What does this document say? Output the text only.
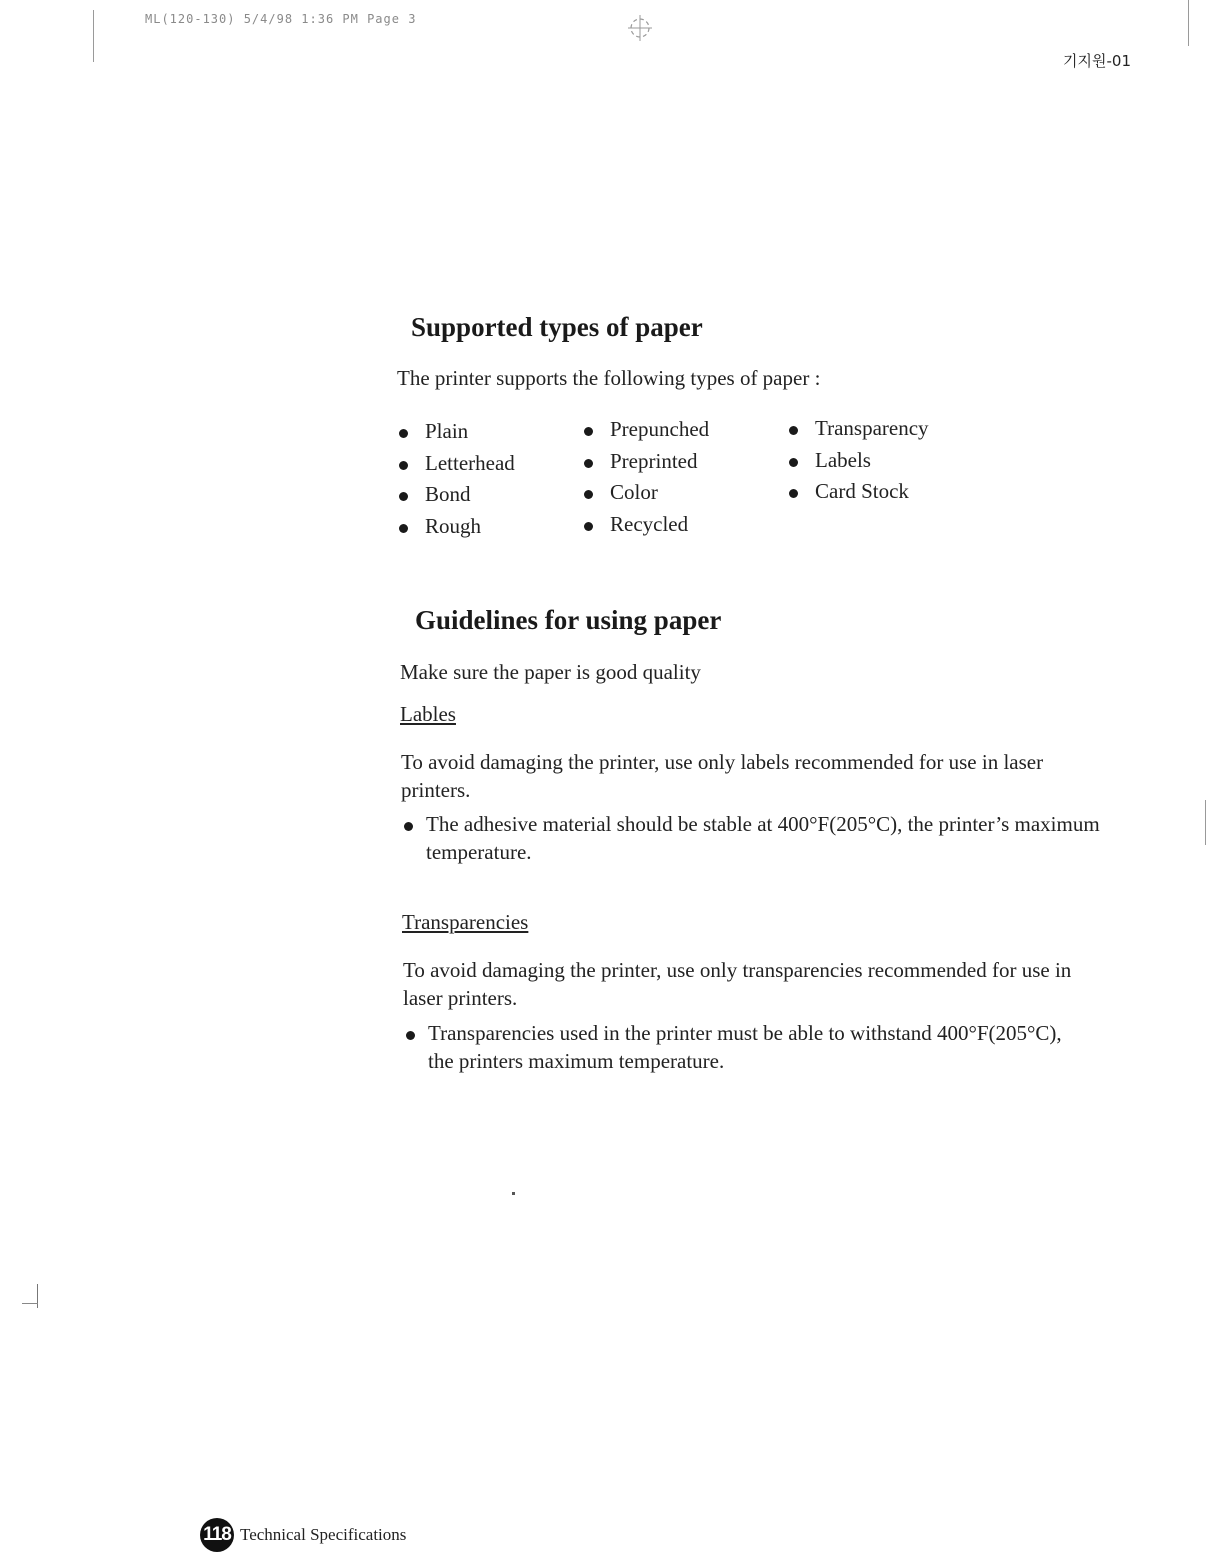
ML(120-130) 5/4/98 1:36 PM Page 3
기지원-01
Supported types of paper
The printer supports the following types of paper :
Plain
Letterhead
Bond
Rough
Prepunched
Preprinted
Color
Recycled
Transparency
Labels
Card Stock
Guidelines for using paper
Make sure the paper is good quality
Lables
To avoid damaging the printer, use only labels recommended for use in laser printers.
The adhesive material should be stable at 400°F(205°C), the printer’s maximum temperature.
Transparencies
To avoid damaging the printer, use only transparencies recommended for use in laser printers.
Transparencies used in the printer must be able to withstand 400°F(205°C), the printers maximum temperature.
118 Technical Specifications
